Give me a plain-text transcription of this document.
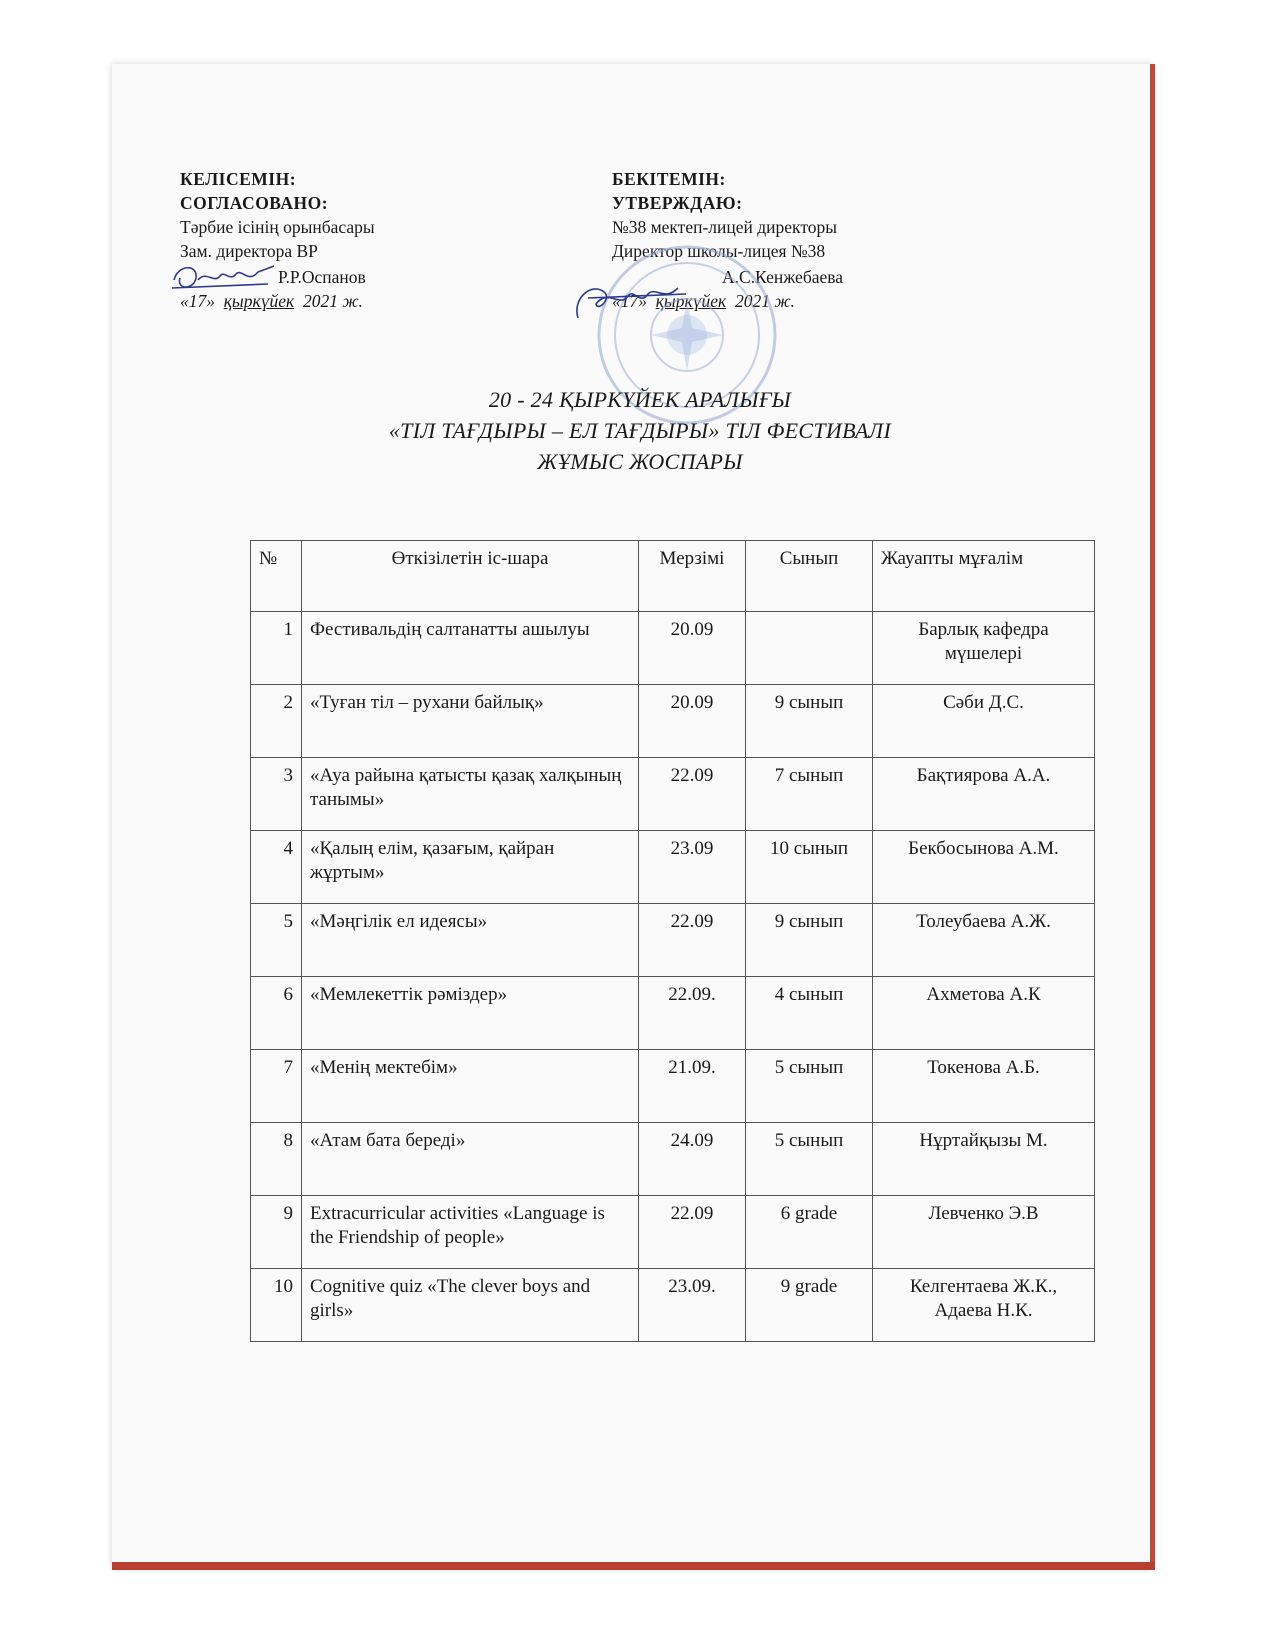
КЕЛІСЕМІН:
СОГЛАСОВАНО:
Тәрбие ісінің орынбасары
Зам. директора ВР
Р.Р.Оспанов
«17» қыркүйек 2021 ж.
БЕКІТЕМІН:
УТВЕРЖДАЮ:
№38 мектеп-лицей директоры
Директор школы-лицея №38
А.С.Кенжебаева
«17» қыркүйек 2021 ж.
20 - 24 ҚЫРКҮЙЕК АРАЛЫҒЫ
«ТІЛ ТАҒДЫРЫ – ЕЛ ТАҒДЫРЫ» ТІЛ ФЕСТИВАЛІ
ЖҰМЫС ЖОСПАРЫ
№	Өткізілетін іс-шара	Мерзімі	Сынып	Жауапты мұғалім
1	Фестивальдің салтанатты ашылуы	20.09		Барлық кафедра мүшелері
2	«Туған тіл – рухани байлық»	20.09	9 сынып	Сәби Д.С.
3	«Ауа райына қатысты қазақ халқының танымы»	22.09	7 сынып	Бақтиярова А.А.
4	«Қалың елім, қазағым, қайран жұртым»	23.09	10 сынып	Бекбосынова А.М.
5	«Мәңгілік ел идеясы»	22.09	9 сынып	Толеубаева А.Ж.
6	«Мемлекеттік рәміздер»	22.09.	4 сынып	Ахметова А.К
7	«Менің мектебім»	21.09.	5 сынып	Токенова А.Б.
8	«Атам бата береді»	24.09	5 сынып	Нұртайқызы М.
9	Extracurricular activities «Language is the Friendship of people»	22.09	6 grade	Левченко Э.В
10	Cognitive quiz «The clever boys and girls»	23.09.	9 grade	Келгентаева Ж.К., Адаева Н.К.
